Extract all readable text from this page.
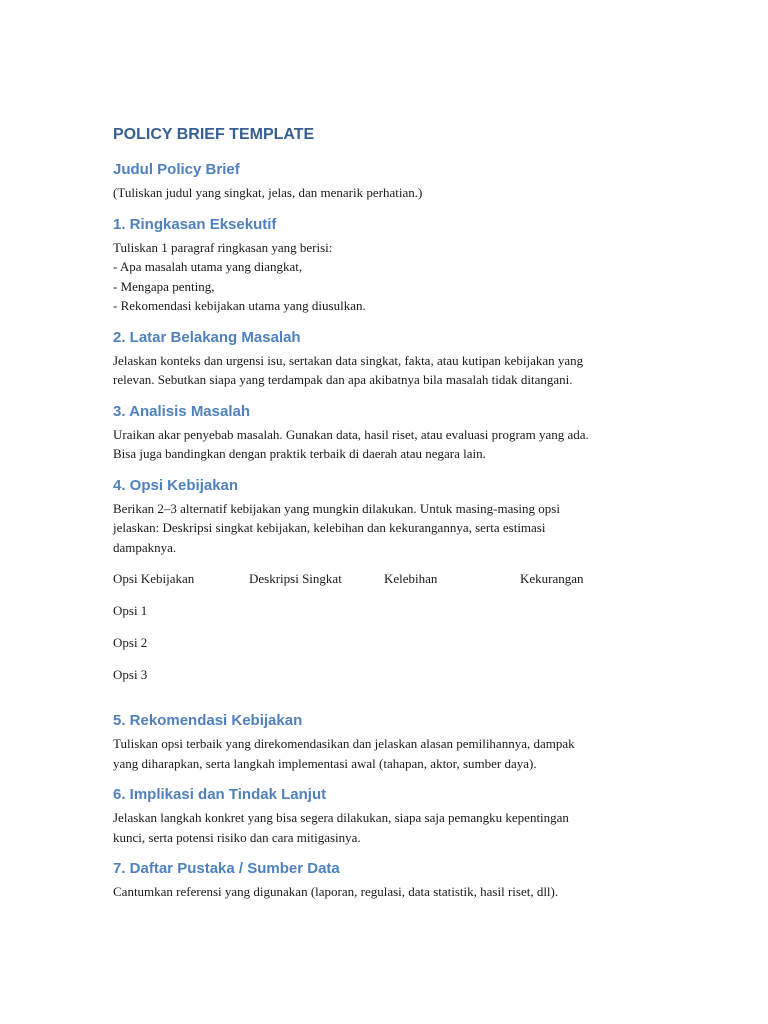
POLICY BRIEF TEMPLATE
Judul Policy Brief

(Tuliskan judul yang singkat, jelas, dan menarik perhatian.)

1. Ringkasan Eksekutif

Tuliskan 1 paragraf ringkasan yang berisi:
- Apa masalah utama yang diangkat,
- Mengapa penting,
- Rekomendasi kebijakan utama yang diusulkan.

2. Latar Belakang Masalah

Jelaskan konteks dan urgensi isu, sertakan data singkat, fakta, atau kutipan kebijakan yang
relevan. Sebutkan siapa yang terdampak dan apa akibatnya bila masalah tidak ditangani.

3. Analisis Masalah

Uraikan akar penyebab masalah. Gunakan data, hasil riset, atau evaluasi program yang ada.
Bisa juga bandingkan dengan praktik terbaik di daerah atau negara lain.

4. Opsi Kebijakan

Berikan 2–3 alternatif kebijakan yang mungkin dilakukan. Untuk masing-masing opsi
jelaskan: Deskripsi singkat kebijakan, kelebihan dan kekurangannya, serta estimasi
dampaknya.

Opsi Kebijakan	Deskripsi Singkat	Kelebihan	Kekurangan
Opsi 1
Opsi 2
Opsi 3
5. Rekomendasi Kebijakan

Tuliskan opsi terbaik yang direkomendasikan dan jelaskan alasan pemilihannya, dampak
yang diharapkan, serta langkah implementasi awal (tahapan, aktor, sumber daya).

6. Implikasi dan Tindak Lanjut

Jelaskan langkah konkret yang bisa segera dilakukan, siapa saja pemangku kepentingan
kunci, serta potensi risiko dan cara mitigasinya.

7. Daftar Pustaka / Sumber Data

Cantumkan referensi yang digunakan (laporan, regulasi, data statistik, hasil riset, dll).
